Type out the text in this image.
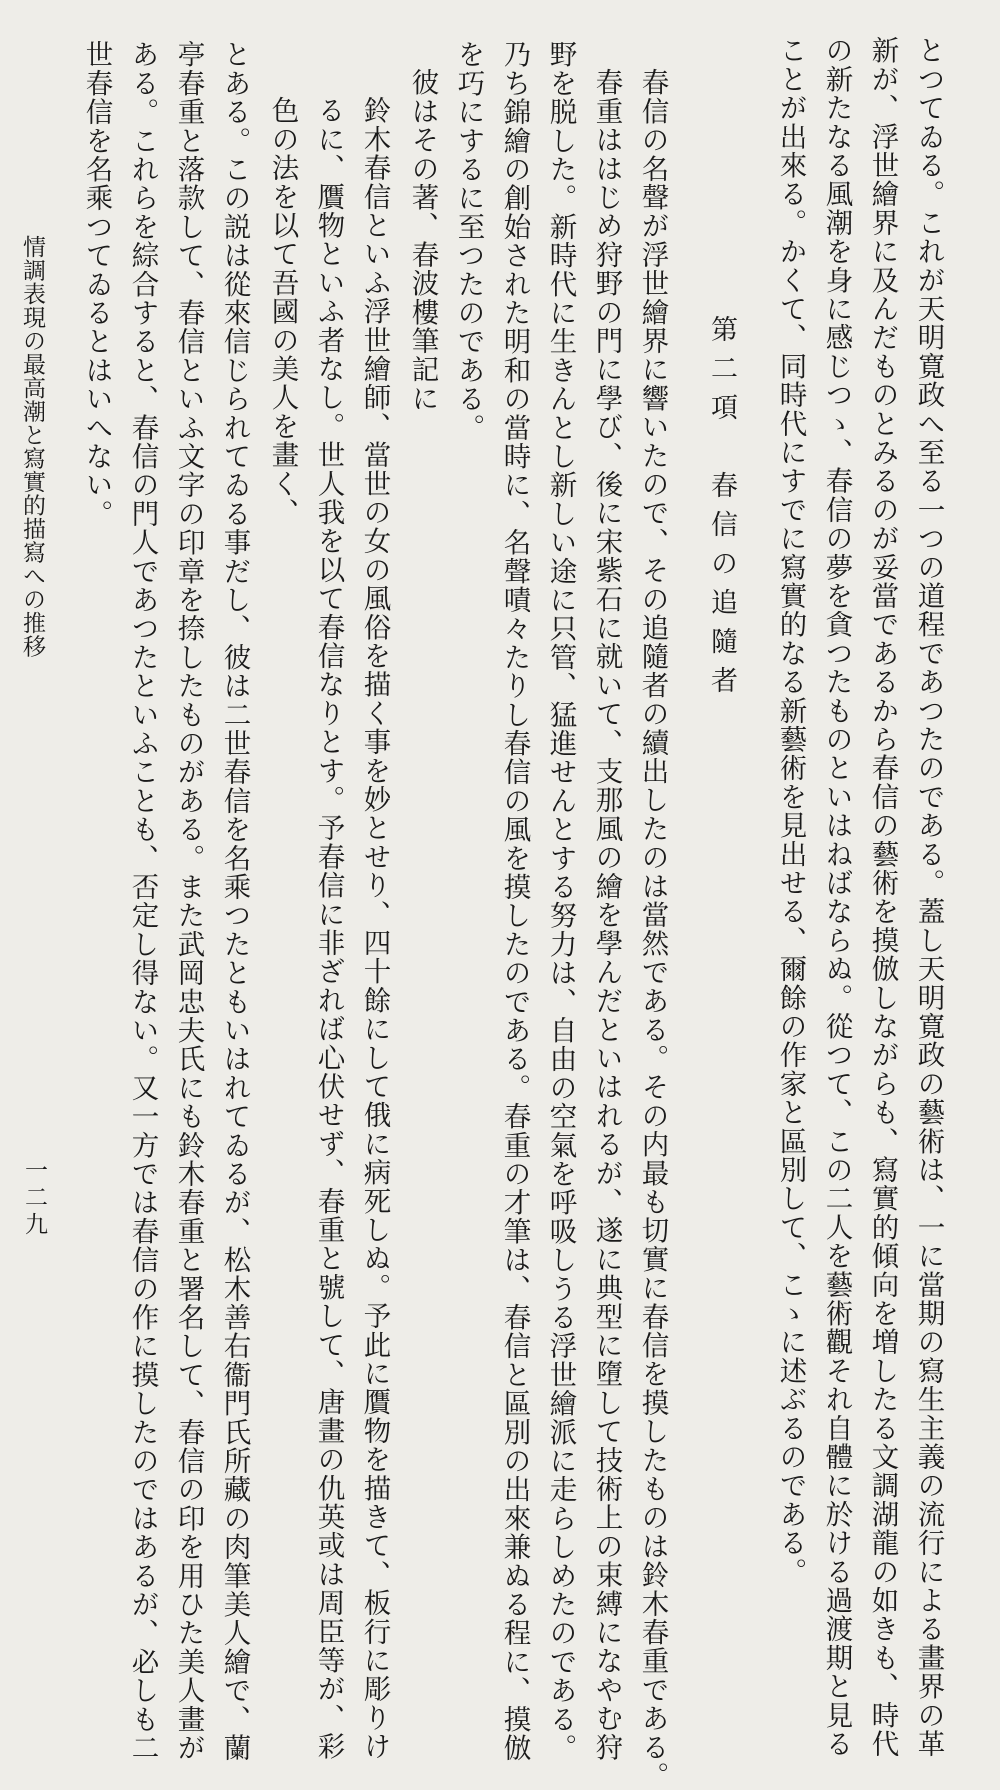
とつてゐる。これが天明寛政へ至る一つの道程であつたのである。蓋し天明寛政の藝術は、一に當期の寫生主義の流行による畫界の革
新が、浮世繪界に及んだものとみるのが妥當であるから春信の藝術を摸倣しながらも、寫實的傾向を増したる文調湖龍の如きも、時代
の新たなる風潮を身に感じつゝ、春信の夢を貪つたものといはねばならぬ。從つて、この二人を藝術觀それ自體に於ける過渡期と見る
ことが出來る。かくて、同時代にすでに寫實的なる新藝術を見出せる、爾餘の作家と區別して、こゝに述ぶるのである。
第二項　春信の追隨者
春信の名聲が浮世繪界に響いたので、その追隨者の續出したのは當然である。その内最も切實に春信を摸したものは鈴木春重である。
春重ははじめ狩野の門に學び、後に宋紫石に就いて、支那風の繪を學んだといはれるが、遂に典型に墮して技術上の束縛になやむ狩
野を脱した。新時代に生きんとし新しい途に只管、猛進せんとする努力は、自由の空氣を呼吸しうる浮世繪派に走らしめたのである。
乃ち錦繪の創始された明和の當時に、名聲嘖々たりし春信の風を摸したのである。春重の才筆は、春信と區別の出來兼ぬる程に、摸倣
を巧にするに至つたのである。
彼はその著、春波樓筆記に
鈴木春信といふ浮世繪師、當世の女の風俗を描く事を妙とせり、四十餘にして俄に病死しぬ。予此に贋物を描きて、板行に彫りけ
るに、贋物といふ者なし。世人我を以て春信なりとす。予春信に非ざれば心伏せず、春重と號して、唐畫の仇英或は周臣等が、彩
色の法を以て吾國の美人を畫く、
とある。この説は從來信じられてゐる事だし、彼は二世春信を名乘つたともいはれてゐるが、松木善右衞門氏所藏の肉筆美人繪で、蘭
亭春重と落款して、春信といふ文字の印章を捺したものがある。また武岡忠夫氏にも鈴木春重と署名して、春信の印を用ひた美人畫が
ある。これらを綜合すると、春信の門人であつたといふことも、否定し得ない。又一方では春信の作に摸したのではあるが、必しも二
世春信を名乘つてゐるとはいへない。
情調表現の最高潮と寫實的描寫への推移
一二九
